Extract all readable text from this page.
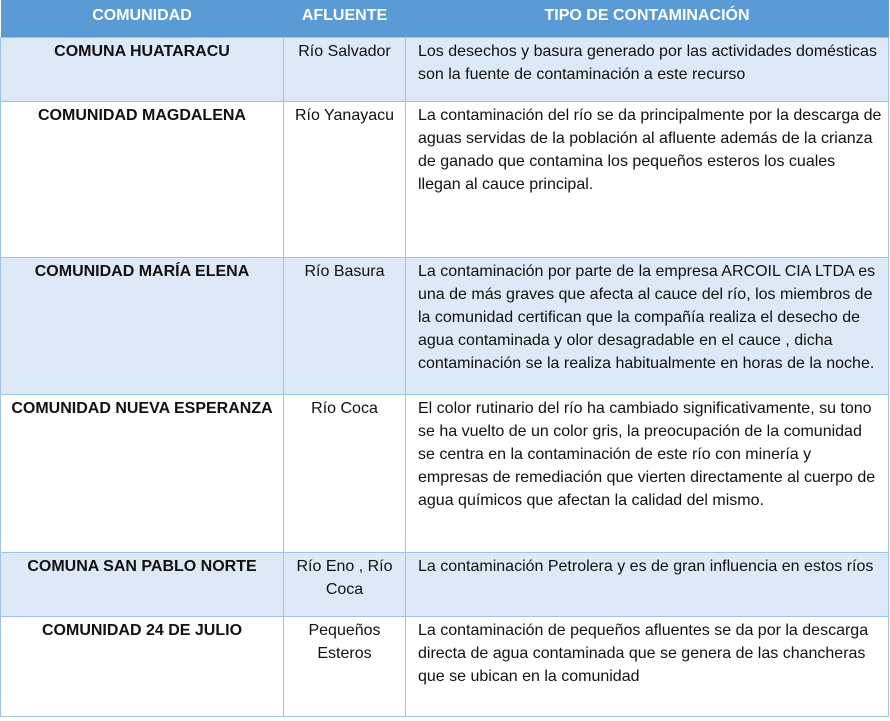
COMUNIDAD	AFLUENTE	TIPO DE CONTAMINACIÓN
COMUNA HUATARACU	Río Salvador	Los desechos y basura generado por las actividades domésticas son la fuente de contaminación a este recurso
COMUNIDAD MAGDALENA	Río Yanayacu	La contaminación del río se da principalmente por la descarga de aguas servidas de la población al afluente además de la crianza de ganado que contamina los pequeños esteros los cuales llegan al cauce principal.
COMUNIDAD MARÍA ELENA	Río Basura	La contaminación por parte de la empresa ARCOIL CIA LTDA es una de más graves que afecta al cauce del río, los miembros de la comunidad certifican que la compañía realiza el desecho de agua contaminada y olor desagradable en el cauce , dicha contaminación se la realiza habitualmente en horas de la noche.
COMUNIDAD NUEVA ESPERANZA	Río Coca	El color rutinario del río ha cambiado significativamente, su tono se ha vuelto de un color gris, la preocupación de la comunidad se centra en la contaminación de este río con minería y empresas de remediación que vierten directamente al cuerpo de agua químicos que afectan la calidad del mismo.
COMUNA SAN PABLO NORTE	Río Eno , Río Coca	La contaminación Petrolera y es de gran influencia en estos ríos
COMUNIDAD 24 DE JULIO	Pequeños Esteros	La contaminación de pequeños afluentes se da por la descarga directa de agua contaminada que se genera de las chancheras que se ubican en la comunidad
